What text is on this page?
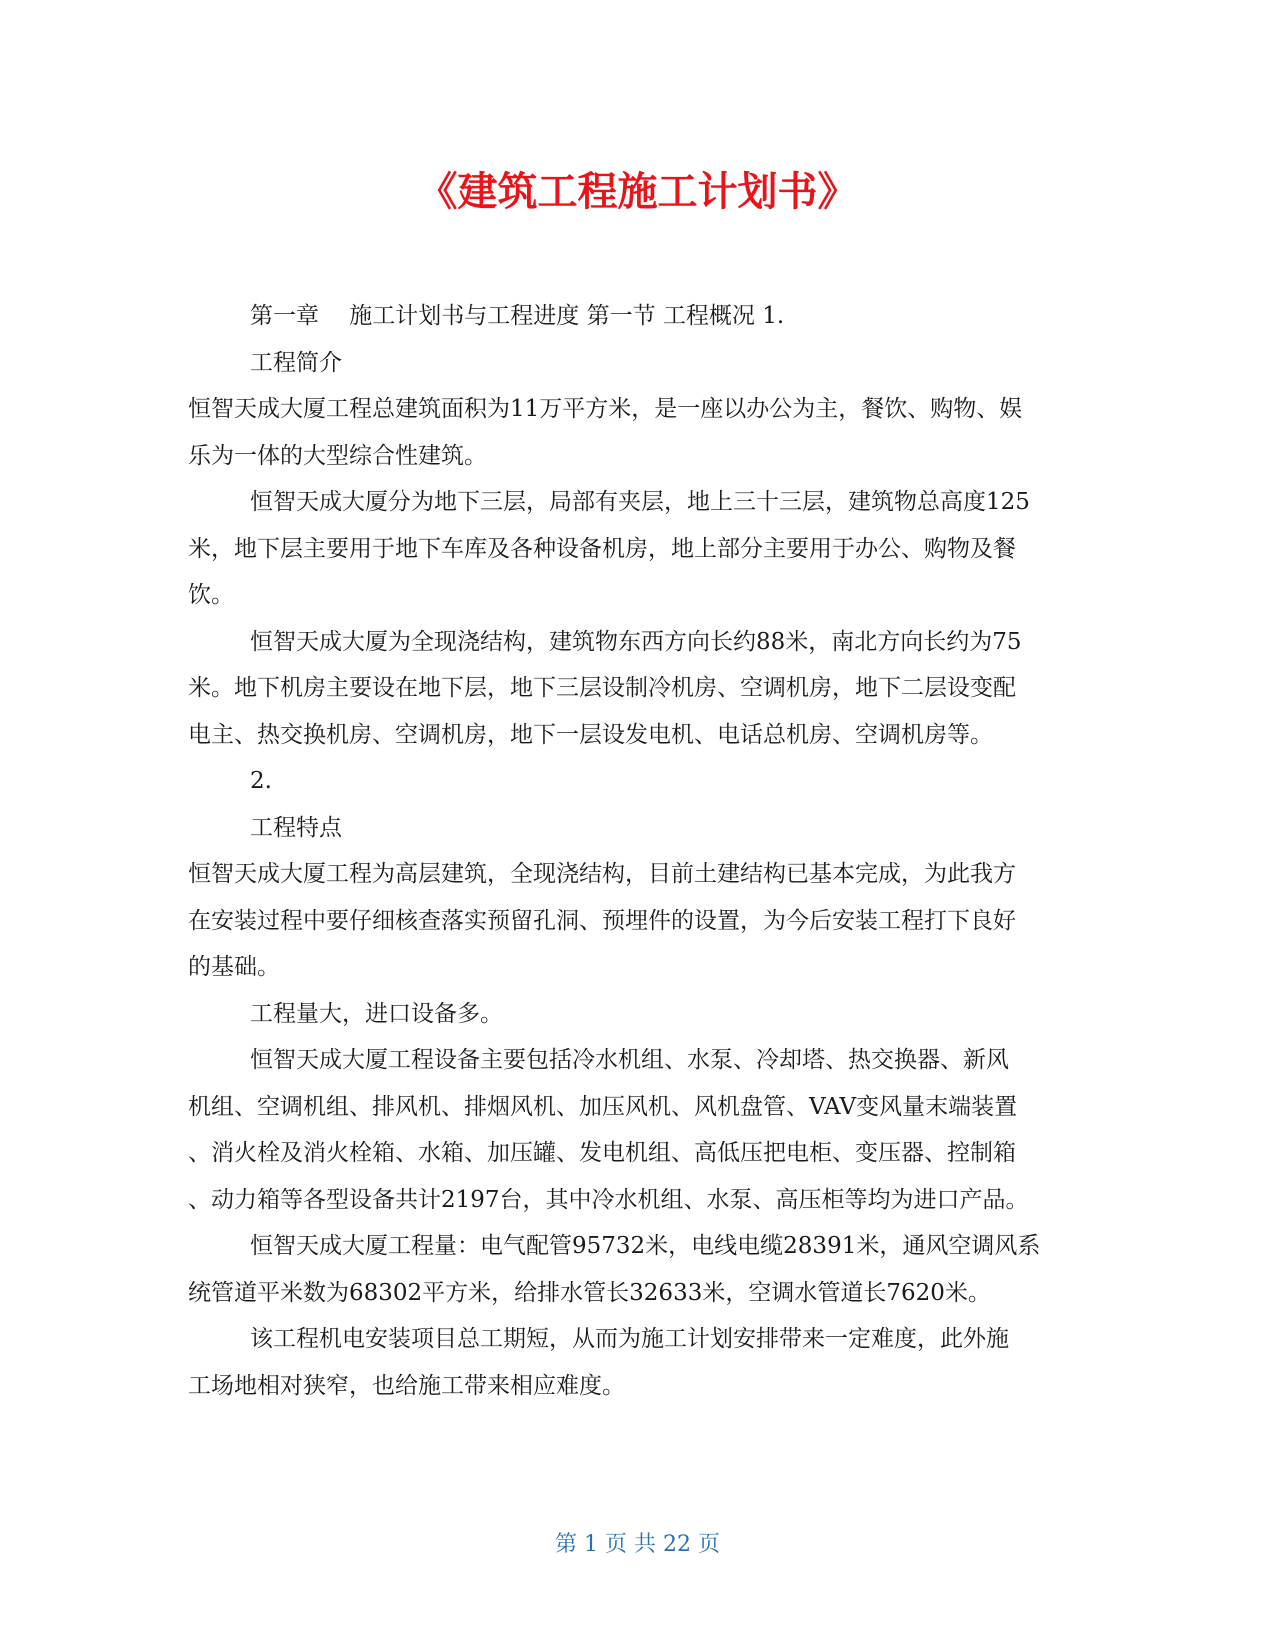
《建筑工程施工计划书》

第一章　 施工计划书与工程进度 第一节 工程概况 1.

工程简介

恒智天成大厦工程总建筑面积为11万平方米，是一座以办公为主，餐饮、购物、娱

乐为一体的大型综合性建筑。

恒智天成大厦分为地下三层，局部有夹层，地上三十三层，建筑物总高度125

米，地下层主要用于地下车库及各种设备机房，地上部分主要用于办公、购物及餐

饮。

恒智天成大厦为全现浇结构，建筑物东西方向长约88米，南北方向长约为75

米。地下机房主要设在地下层，地下三层设制冷机房、空调机房，地下二层设变配

电主、热交换机房、空调机房，地下一层设发电机、电话总机房、空调机房等。

2.

工程特点

恒智天成大厦工程为高层建筑，全现浇结构，目前土建结构已基本完成，为此我方

在安装过程中要仔细核查落实预留孔洞、预埋件的设置，为今后安装工程打下良好

的基础。

工程量大，进口设备多。

恒智天成大厦工程设备主要包括冷水机组、水泵、冷却塔、热交换器、新风

机组、空调机组、排风机、排烟风机、加压风机、风机盘管、VAV变风量末端装置

、消火栓及消火栓箱、水箱、加压罐、发电机组、高低压把电柜、变压器、控制箱

、动力箱等各型设备共计2197台，其中冷水机组、水泵、高压柜等均为进口产品。

恒智天成大厦工程量：电气配管95732米，电线电缆28391米，通风空调风系

统管道平米数为68302平方米，给排水管长32633米，空调水管道长7620米。

该工程机电安装项目总工期短，从而为施工计划安排带来一定难度，此外施

工场地相对狭窄，也给施工带来相应难度。

第 1 页 共 22 页
